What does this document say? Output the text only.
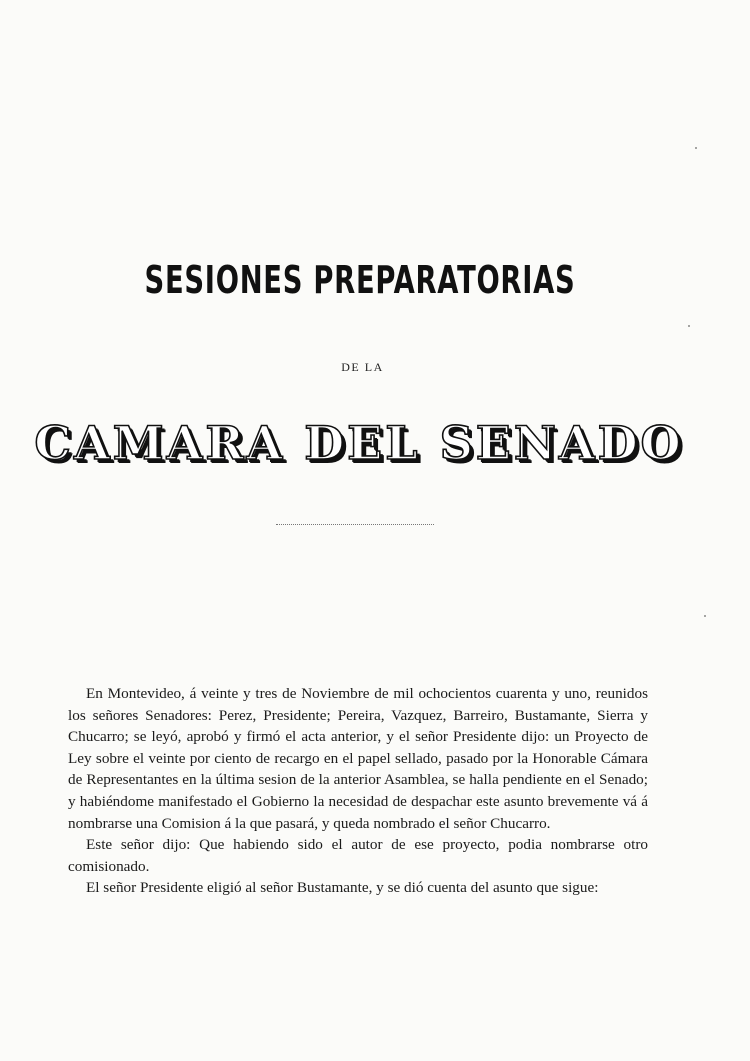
SESIONES PREPARATORIAS
DE LA
CAMARA DEL SENADO

En Montevideo, á veinte y tres de Noviembre de mil ochocientos cuarenta y uno, reunidos los señores Senadores: Perez, Presidente; Pereira, Vazquez, Barreiro, Bustamante, Sierra y Chucarro; se leyó, aprobó y firmó el acta anterior, y el señor Presidente dijo: un Proyecto de Ley sobre el veinte por ciento de recargo en el papel sellado, pasado por la Honorable Cámara de Representantes en la última sesion de la anterior Asamblea, se halla pendiente en el Senado; y habiéndome manifestado el Gobierno la necesidad de despachar este asunto brevemente vá á nombrarse una Comision á la que pasará, y queda nombrado el señor Chucarro.

Este señor dijo: Que habiendo sido el autor de ese proyecto, podia nombrarse otro comisionado.

El señor Presidente eligió al señor Bustamante, y se dió cuenta del asunto que sigue:
